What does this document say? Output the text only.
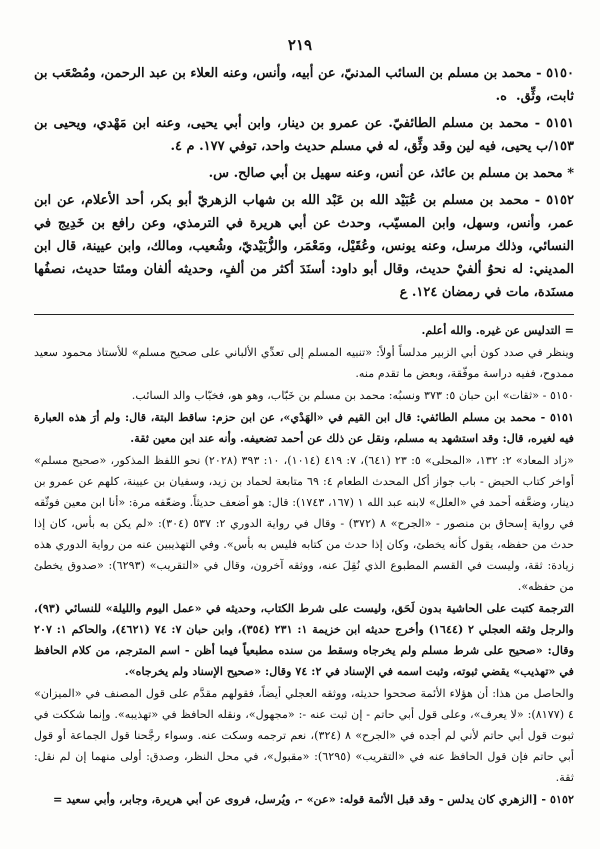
٢١٩

٥١٥٠ - محمد بن مسلم بن السائب المدنيّ، عن أبيه، وأنس، وعنه العلاء بن عبد الرحمن، ومُصْعَب بن ثابت، وثِّق. ‍ ه.

٥١٥١ - محمد بن مسلم الطائفيّ. عن عمرو بن دينار، وابن أبي يحيى، وعنه ابن مَهْدي، ويحيى بن ١٥٣/ب يحيى، فيه لين وقد وثِّق، له في مسلم حديث واحد، توفي ١٧٧. م ٤.

* محمد بن مسلم بن عائذ، عن أنس، وعنه سهيل بن أبي صالح. س.

٥١٥٢ - محمد بن مسلم بن عُبَيْد الله بن عَبْد الله بن شهاب الزهريّ أبو بكر، أحد الأعلام، عن ابن عمر، وأنس، وسهل، وابن المسيّب، وحدث عن أبي هريرة في الترمذي، وعن رافع بن خَدِيج في النسائي، وذلك مرسل، وعنه يونس، وعُقَيْل، ومَعْمَر، والزُّبَيْديّ، وشُعيب، ومالك، وابن عيينة، قال ابن المديني: له نحوُ ألفيْ حديث، وقال أبو داود: أسنَدَ أكثر من ألفٍ، وحديثه ألفان ومئتا حديث، نصفُها مسنَدة، مات في رمضان ١٢٤. ع

= التدليس عن غيره. والله أعلم.

وينظر في صدد كون أبي الزبير مدلساً أولاً: «تنبيه المسلم إلى تعدِّي الألباني على صحيح مسلم» للأستاذ محمود سعيد ممدوح، ففيه دراسة موفّقة، وبعض ما تقدم منه.

٥١٥٠ - «ثقات» ابن حبان ٥: ٣٧٣ ونسبُه: محمد بن مسلم بن خَبّاب، وهو هو، فخبّاب والد السائب.

٥١٥١ - محمد بن مسلم الطائفي: قال ابن القيم في «الهَدْي»، عن ابن حزم: ساقط البتة، قال: ولم أرَ هذه العبارة فيه لغيره، قال: وقد استشهد به مسلم، ونقل عن ذلك عن أحمد تضعيفه. وأنه عند ابن معين ثقة.

«زاد المعاد» ٢: ١٣٢، «المحلى» ٥: ٢٣ (٦٤١)، ٧: ٤١٩ (١٠١٤)، ١٠: ٣٩٣ (٢٠٢٨) نحو اللفظ المذكور، «صحيح مسلم» أواخر كتاب الحيض - باب جواز أكل المحدث الطعام ٤: ٦٩ متابعة لحماد بن زيد، وسفيان بن عيينة، كلهم عن عمرو بن دينار، وضعَّفه أحمد في «العلل» لابنه عبد الله ١ (١٦٧، ١٧٤٣): قال: هو أضعف حديثاً. وضعّفه مرة: «أنا ابن معين فوثّقه في رواية إسحاق بن منصور - «الجرح» ٨ (٣٧٢) - وقال في رواية الدوري ٢: ٥٣٧ (٣٠٤): «لم يكن به بأس، كان إذا حدث من حفظه، يقول كأنه يخطئ، وكان إذا حدث من كتابه فليس به بأس». وفي التهذيبين عنه من رواية الدوري هذه زيادة: ثقة، وليست في القسم المطبوع الذي نُقِلَ عنه، ووثقه آخرون، وقال في «التقريب» (٦٢٩٣): «صدوق يخطئ من حفظه».

الترجمة كتبت على الحاشية بدون لَحَق، وليست على شرط الكتاب، وحديثه في «عمل اليوم والليلة» للنسائي (٩٣)، والرجل وثقه العجلي ٢ (١٦٤٤) وأخرج حديثه ابن خزيمة ١: ٢٣١ (٣٥٤)، وابن حبان ٧: ٧٤ (٤٦٢١)، والحاكم ١: ٢٠٧ وقال: «صحيح على شرط مسلم ولم يخرجاه وسقط من سنده مطبعياً فيما أظن - اسم المترجم، من كلام الحافظ في «تهذيب» يقضي ثبوته، وثبت اسمه في الإسناد في ٢: ٧٤ وقال: «صحيح الإسناد ولم يخرجاه».

والحاصل من هذا: أن هؤلاء الأئمة صححوا حديثه، ووثقه العجلي أيضاً، فقولهم مقدَّم على قول المصنف في «الميزان» ٤ (٨١٧٧): «لا يعرف»، وعلى قول أبي حاتم - إن ثبت عنه -: «مجهول»، ونقله الحافظ في «تهذيبه». وإنما شككت في ثبوت قول أبي حاتم لأني لم أجده في «الجرح» ٨ (٣٢٤)، نعم ترجمه وسكت عنه. وسواء رجَّحنا قول الجماعة أو قول أبي حاتم فإن قول الحافظ عنه في «التقريب» (٦٢٩٥): «مقبول»، في محل النظر، وصدق: أولى منهما إن لم نقل: ثقة.

٥١٥٢ - [الزهري كان يدلس - وقد قبل الأئمة قوله: «عن» -، ويُرسل، فروى عن أبي هريرة، وجابر، وأبي سعيد =
